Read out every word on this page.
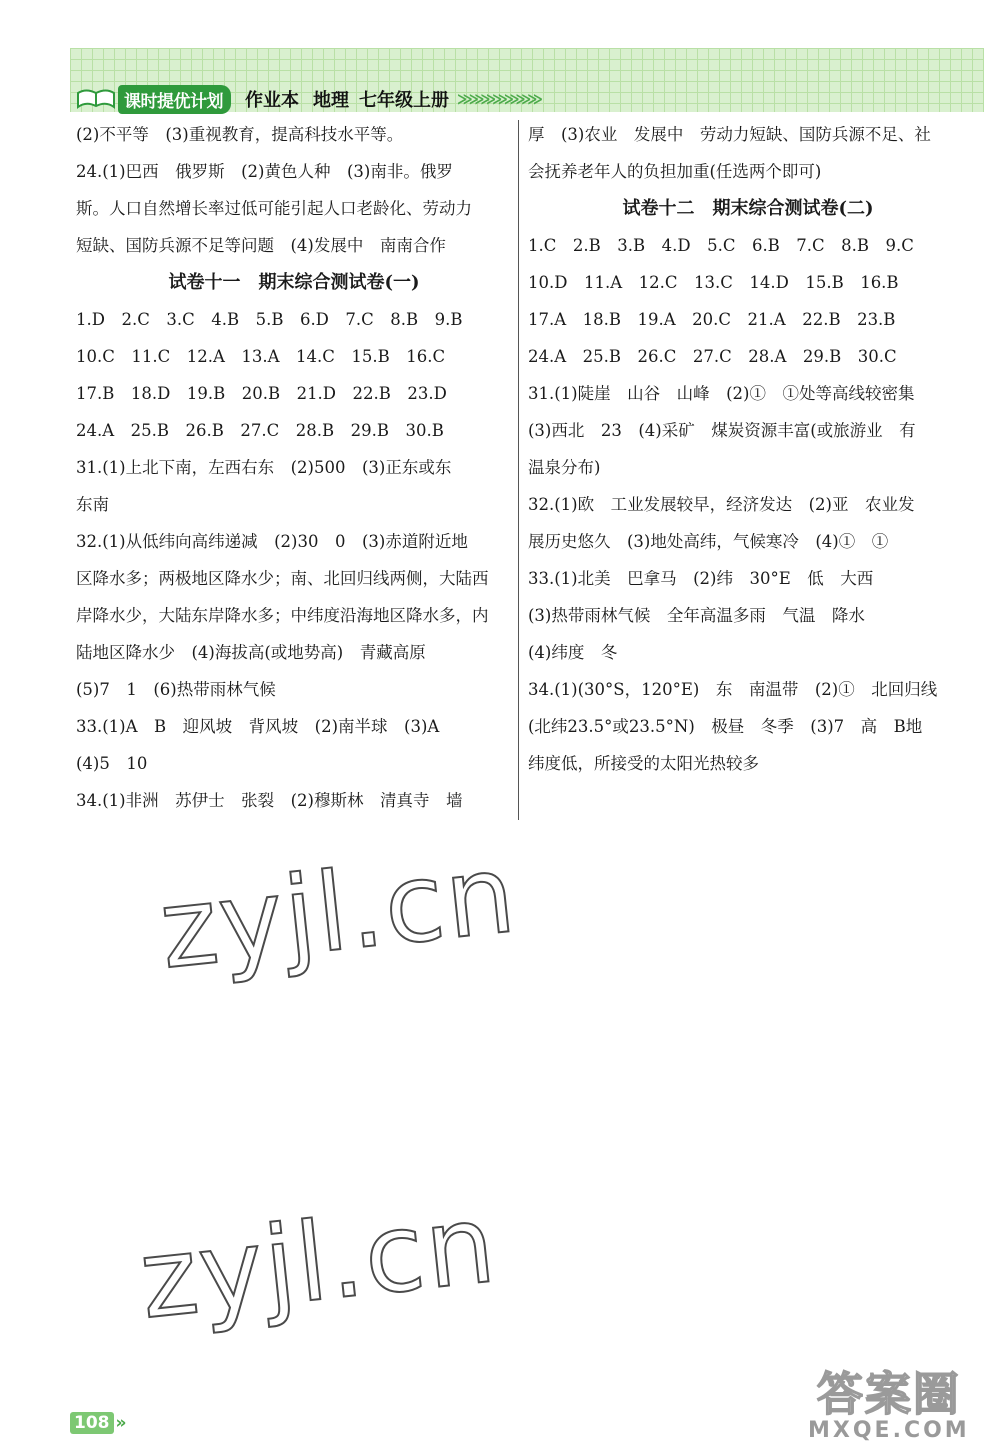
课时提优计划	作业本 地理 七年级上册 ≫≫≫≫≫≫≫
(2)不平等　(3)重视教育，提高科技水平等。
24.(1)巴西　俄罗斯　(2)黄色人种　(3)南非。俄罗
斯。人口自然增长率过低可能引起人口老龄化、劳动力
短缺、国防兵源不足等问题　(4)发展中　南南合作
试卷十一　期末综合测试卷(一)
1.D　2.C　3.C　4.B　5.B　6.D　7.C　8.B　9.B
10.C　11.C　12.A　13.A　14.C　15.B　16.C
17.B　18.D　19.B　20.B　21.D　22.B　23.D
24.A　25.B　26.B　27.C　28.B　29.B　30.B
31.(1)上北下南，左西右东　(2)500　(3)正东或东
东南
32.(1)从低纬向高纬递减　(2)30　0　(3)赤道附近地
区降水多；两极地区降水少；南、北回归线两侧，大陆西
岸降水少，大陆东岸降水多；中纬度沿海地区降水多，内
陆地区降水少　(4)海拔高(或地势高)　青藏高原
(5)7　1　(6)热带雨林气候
33.(1)A　B　迎风坡　背风坡　(2)南半球　(3)A
(4)5　10
34.(1)非洲　苏伊士　张裂　(2)穆斯林　清真寺　墙
厚　(3)农业　发展中　劳动力短缺、国防兵源不足、社
会抚养老年人的负担加重(任选两个即可)
试卷十二　期末综合测试卷(二)
1.C　2.B　3.B　4.D　5.C　6.B　7.C　8.B　9.C
10.D　11.A　12.C　13.C　14.D　15.B　16.B
17.A　18.B　19.A　20.C　21.A　22.B　23.B
24.A　25.B　26.C　27.C　28.A　29.B　30.C
31.(1)陡崖　山谷　山峰　(2)①　①处等高线较密集
(3)西北　23　(4)采矿　煤炭资源丰富(或旅游业　有
温泉分布)
32.(1)欧　工业发展较早，经济发达　(2)亚　农业发
展历史悠久　(3)地处高纬，气候寒冷　(4)①　①
33.(1)北美　巴拿马　(2)纬　30°E　低　大西
(3)热带雨林气候　全年高温多雨　气温　降水
(4)纬度　冬
34.(1)(30°S，120°E)　东　南温带　(2)①　北回归线
(北纬23.5°或23.5°N)　极昼　冬季　(3)7　高　B地
纬度低，所接受的太阳光热较多
zyjl.cn
zyjl.cn
108 »
答案圈
MXQE.COM
